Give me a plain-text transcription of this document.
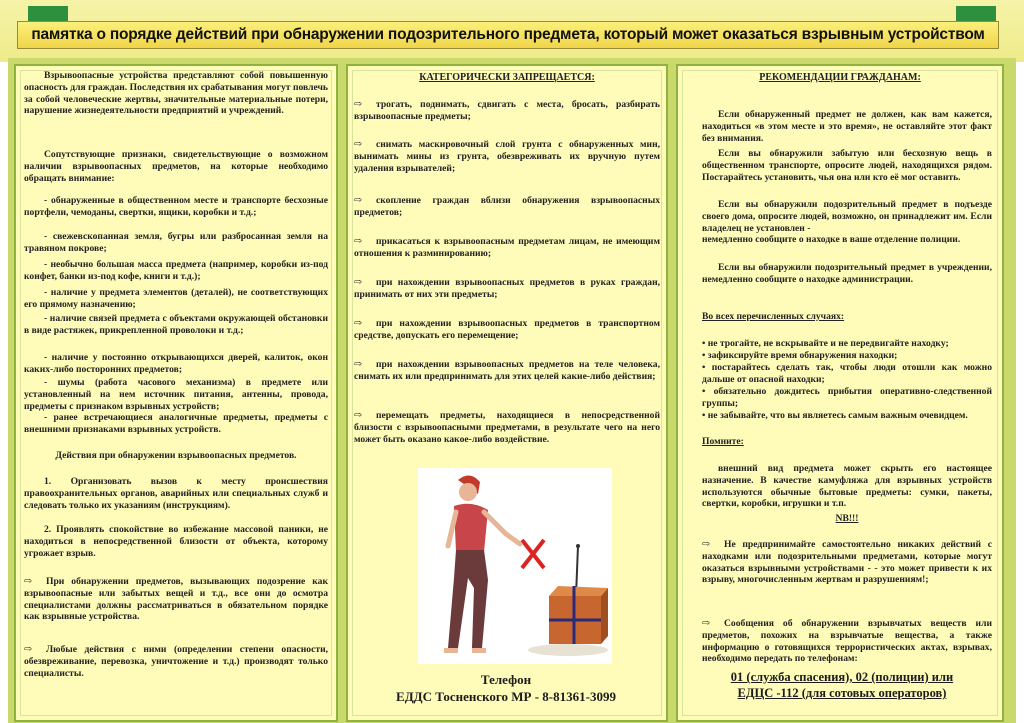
памятка о порядке действий при обнаружении подозрительного предмета, который может оказаться взрывным устройством

Взрывоопасные устройства представляют собой повышенную опасность для граждан. Последствия их срабатывания могут повлечь за собой человеческие жертвы, значительные материальные потери, нарушение жизнедеятельности предприятий и учреждений.

Сопутствующие признаки, свидетельствующие о возможном наличии взрывоопасных предметов, на которые необходимо обращать внимание:

- обнаруженные в общественном месте и транспорте бесхозные портфели, чемоданы, свертки, ящики, коробки и т.д.;

- свежевскопанная земля, бугры или разбросанная земля на травяном покрове;

- необычно большая масса предмета (например, коробки из-под конфет, банки из-под кофе, книги и т.д.);

- наличие у предмета элементов (деталей), не соответствующих его прямому назначению;

- наличие связей предмета с объектами окружающей обстановки в виде растяжек, прикрепленной проволоки и т.д.;

- наличие у постоянно открывающихся дверей, калиток, окон каких-либо посторонних предметов;

- шумы (работа часового механизма) в предмете или установленный на нем источник питания, антенны, провода, предметы с признаком взрывных устройств;

- ранее встречающиеся аналогичные предметы, предметы с внешними признаками взрывных устройств.

Действия при обнаружении взрывоопасных предметов.

1. Организовать вызов к месту происшествия правоохранительных органов, аварийных или специальных служб и следовать только их указаниям (инструкциям).

2. Проявлять спокойствие во избежание массовой паники, не находиться в непосредственной близости от объекта, которому угрожает взрыв.

⇨ При обнаружении предметов, вызывающих подозрение как взрывоопасные или забытых вещей и т.д., все они до осмотра специалистами должны рассматриваться в обязательном порядке как взрывные устройства.

⇨ Любые действия с ними (определении степени опасности, обезвреживание, перевозка, уничтожение и т.д.) производят только специалисты.

КАТЕГОРИЧЕСКИ ЗАПРЕЩАЕТСЯ:

⇨ трогать, поднимать, сдвигать с места, бросать, разбирать взрывоопасные предметы;

⇨ снимать маскировочный слой грунта с обнаруженных мин, вынимать мины из грунта, обезвреживать их вручную путем удаления взрывателей;

⇨ скопление граждан вблизи обнаружения взрывоопасных предметов;

⇨ прикасаться к взрывоопасным предметам лицам, не имеющим отношения к разминированию;

⇨ при нахождении взрывоопасных предметов в руках граждан, принимать от них эти предметы;

⇨ при нахождении взрывоопасных предметов в транспортном средстве, допускать его перемещение;

⇨ при нахождении взрывоопасных предметов на теле человека, снимать их или предпринимать для этих целей какие-либо действия;

⇨ перемещать предметы, находящиеся в непосредственной близости с взрывоопасными предметами, в результате чего на него может быть оказано какое-либо воздействие.

Телефон
ЕДДС Тосненского МР - 8-81361-3099

РЕКОМЕНДАЦИИ ГРАЖДАНАМ:

Если обнаруженный предмет не должен, как вам кажется, находиться «в этом месте и это время», не оставляйте этот факт без внимания.

Если вы обнаружили забытую или бесхозную вещь в общественном транспорте, опросите людей, находящихся рядом. Постарайтесь установить, чья она или кто её мог оставить.

Если вы обнаружили подозрительный предмет в подъезде своего дома, опросите людей, возможно, он принадлежит им. Если владелец не установлен -

немедленно сообщите о находке в ваше отделение полиции.

Если вы обнаружили подозрительный предмет в учреждении, немедленно сообщите о находке администрации.

Во всех перечисленных случаях:

• не трогайте, не вскрывайте и не передвигайте находку;

• зафиксируйте время обнаружения находки;

• постарайтесь сделать так, чтобы люди отошли как можно дальше от опасной находки;

• обязательно дождитесь прибытия оперативно-следственной группы;

• не забывайте, что вы являетесь самым важным очевидцем.

Помните:

внешний вид предмета может скрыть его настоящее назначение. В качестве камуфляжа для взрывных устройств используются обычные бытовые предметы: сумки, пакеты, свертки, коробки, игрушки и т.п.

NB!!!

⇨ Не предпринимайте самостоятельно никаких действий с находками или подозрительными предметами, которые могут оказаться взрывными устройствами - - это может привести к их взрыву, многочисленным жертвам и разрушениям!;

⇨ Сообщения об обнаружении взрывчатых веществ или предметов, похожих на взрывчатые вещества, а также информацию о готовящихся террористических актах, взрывах, необходимо передать по телефонам:

01 (служба спасения), 02 (полиции) или
ЕДЦС -112 (для сотовых операторов)
